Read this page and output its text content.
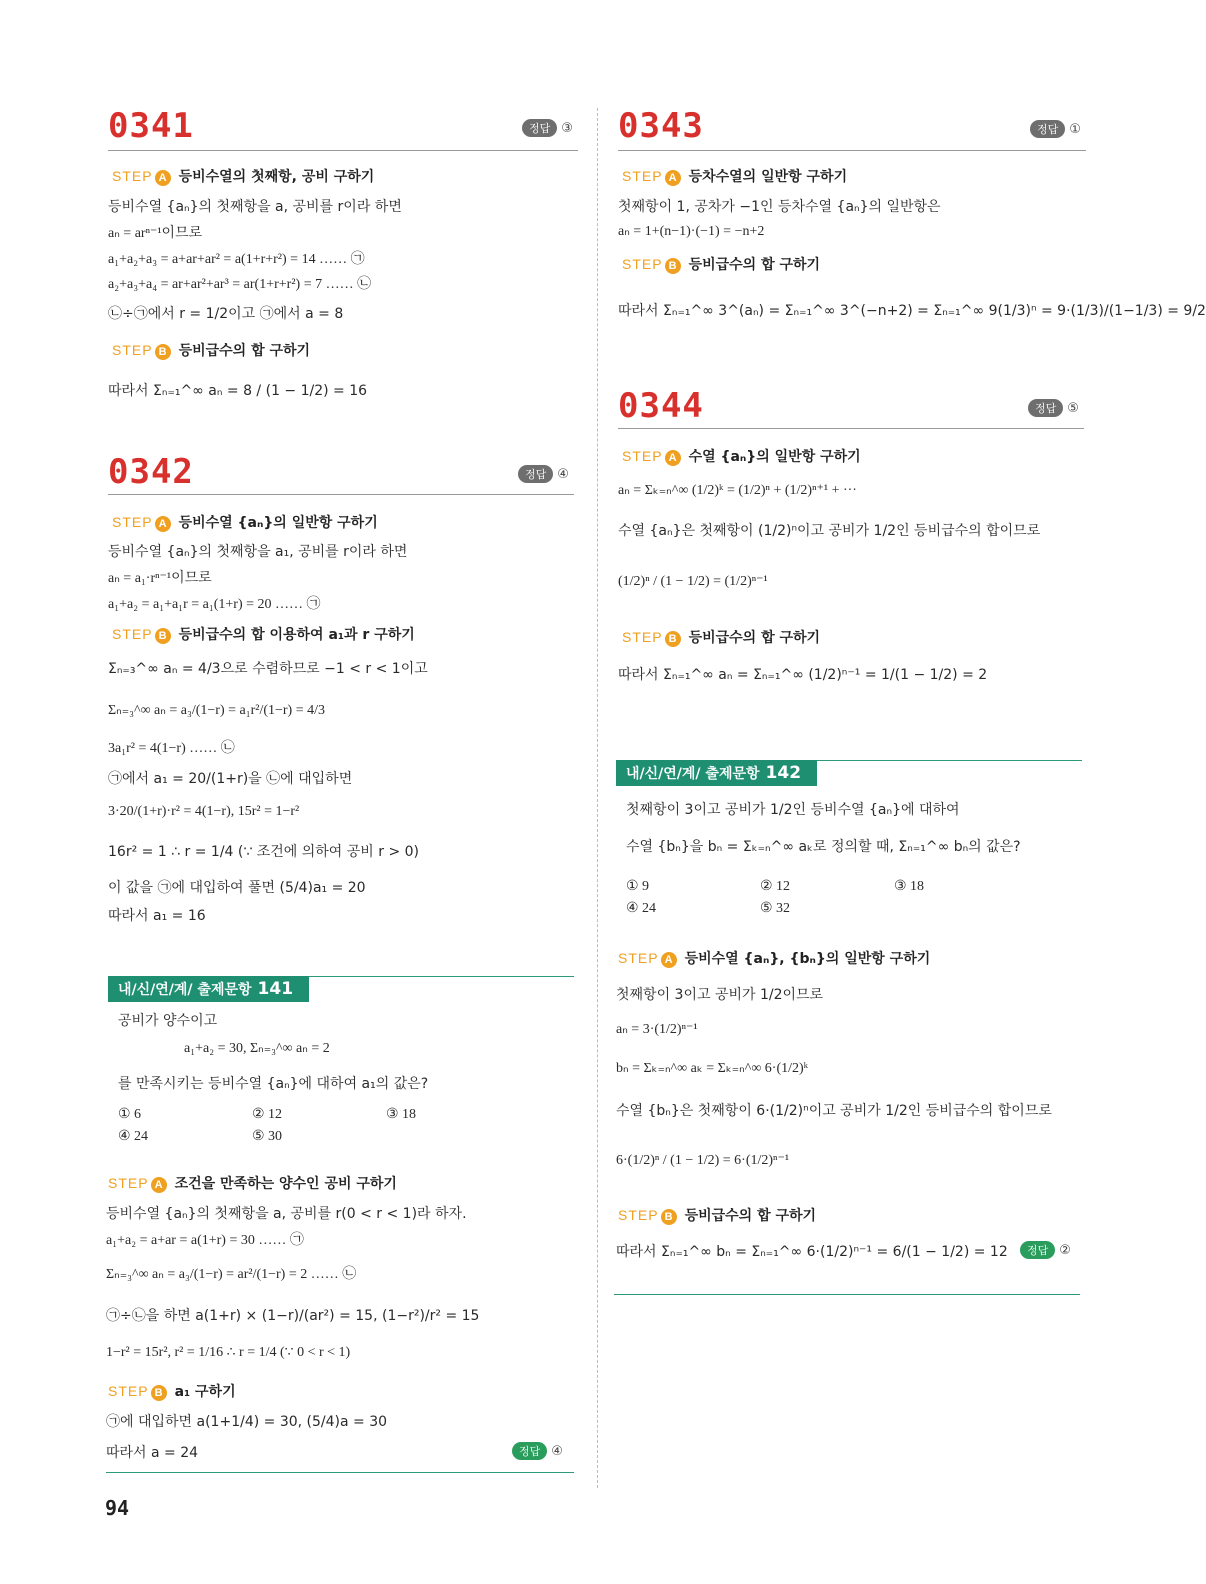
0341	정답 ③
STEP A 등비수열의 첫째항, 공비 구하기
등비수열 {aₙ}의 첫째항을 a, 공비를 r이라 하면
aₙ = arⁿ⁻¹이므로
a₁+a₂+a₃ = a+ar+ar² = a(1+r+r²) = 14 …… ㉠
a₂+a₃+a₄ = ar+ar²+ar³ = ar(1+r+r²) = 7 …… ㉡
㉡÷㉠에서 r = 1/2이고 ㉠에서 a = 8
STEP B 등비급수의 합 구하기
따라서 Σₙ₌₁^∞ aₙ = 8 / (1 − 1/2) = 16
0342	정답 ④
STEP A 등비수열 {aₙ}의 일반항 구하기
등비수열 {aₙ}의 첫째항을 a₁, 공비를 r이라 하면
aₙ = a₁·rⁿ⁻¹이므로
a₁+a₂ = a₁+a₁r = a₁(1+r) = 20 …… ㉠
STEP B 등비급수의 합 이용하여 a₁과 r 구하기
Σₙ₌₃^∞ aₙ = 4/3으로 수렴하므로 −1 < r < 1이고
Σₙ₌₃^∞ aₙ = a₃/(1−r) = a₁r²/(1−r) = 4/3
3a₁r² = 4(1−r) …… ㉡
㉠에서 a₁ = 20/(1+r)을 ㉡에 대입하면
3·20/(1+r)·r² = 4(1−r), 15r² = 1−r²
16r² = 1 ∴ r = 1/4 (∵ 조건에 의하여 공비 r > 0)
이 값을 ㉠에 대입하여 풀면 (5/4)a₁ = 20
따라서 a₁ = 16
내/신/연/계/ 출제문항 141
공비가 양수이고
a₁+a₂ = 30, Σₙ₌₃^∞ aₙ = 2
를 만족시키는 등비수열 {aₙ}에 대하여 a₁의 값은?
① 6	② 12	③ 18
④ 24	⑤ 30
STEP A 조건을 만족하는 양수인 공비 구하기
등비수열 {aₙ}의 첫째항을 a, 공비를 r(0 < r < 1)라 하자.
a₁+a₂ = a+ar = a(1+r) = 30 …… ㉠
Σₙ₌₃^∞ aₙ = a₃/(1−r) = ar²/(1−r) = 2 …… ㉡
㉠÷㉡을 하면 a(1+r) × (1−r)/(ar²) = 15, (1−r²)/r² = 15
1−r² = 15r², r² = 1/16 ∴ r = 1/4 (∵ 0 < r < 1)
STEP B a₁ 구하기
㉠에 대입하면 a(1+1/4) = 30, (5/4)a = 30
따라서 a = 24	정답 ④
94
0343	정답 ①
STEP A 등차수열의 일반항 구하기
첫째항이 1, 공차가 −1인 등차수열 {aₙ}의 일반항은
aₙ = 1+(n−1)·(−1) = −n+2
STEP B 등비급수의 합 구하기
따라서 Σₙ₌₁^∞ 3^(aₙ) = Σₙ₌₁^∞ 3^(−n+2) = Σₙ₌₁^∞ 9(1/3)ⁿ = 9·(1/3)/(1−1/3) = 9/2
0344	정답 ⑤
STEP A 수열 {aₙ}의 일반항 구하기
aₙ = Σₖ₌ₙ^∞ (1/2)ᵏ = (1/2)ⁿ + (1/2)ⁿ⁺¹ + ···
수열 {aₙ}은 첫째항이 (1/2)ⁿ이고 공비가 1/2인 등비급수의 합이므로
(1/2)ⁿ / (1 − 1/2) = (1/2)ⁿ⁻¹
STEP B 등비급수의 합 구하기
따라서 Σₙ₌₁^∞ aₙ = Σₙ₌₁^∞ (1/2)ⁿ⁻¹ = 1/(1 − 1/2) = 2
내/신/연/계/ 출제문항 142
첫째항이 3이고 공비가 1/2인 등비수열 {aₙ}에 대하여
수열 {bₙ}을 bₙ = Σₖ₌ₙ^∞ aₖ로 정의할 때, Σₙ₌₁^∞ bₙ의 값은?
① 9	② 12	③ 18
④ 24	⑤ 32
STEP A 등비수열 {aₙ}, {bₙ}의 일반항 구하기
첫째항이 3이고 공비가 1/2이므로
aₙ = 3·(1/2)ⁿ⁻¹
bₙ = Σₖ₌ₙ^∞ aₖ = Σₖ₌ₙ^∞ 6·(1/2)ᵏ
수열 {bₙ}은 첫째항이 6·(1/2)ⁿ이고 공비가 1/2인 등비급수의 합이므로
6·(1/2)ⁿ / (1 − 1/2) = 6·(1/2)ⁿ⁻¹
STEP B 등비급수의 합 구하기
따라서 Σₙ₌₁^∞ bₙ = Σₙ₌₁^∞ 6·(1/2)ⁿ⁻¹ = 6/(1 − 1/2) = 12	정답 ②
